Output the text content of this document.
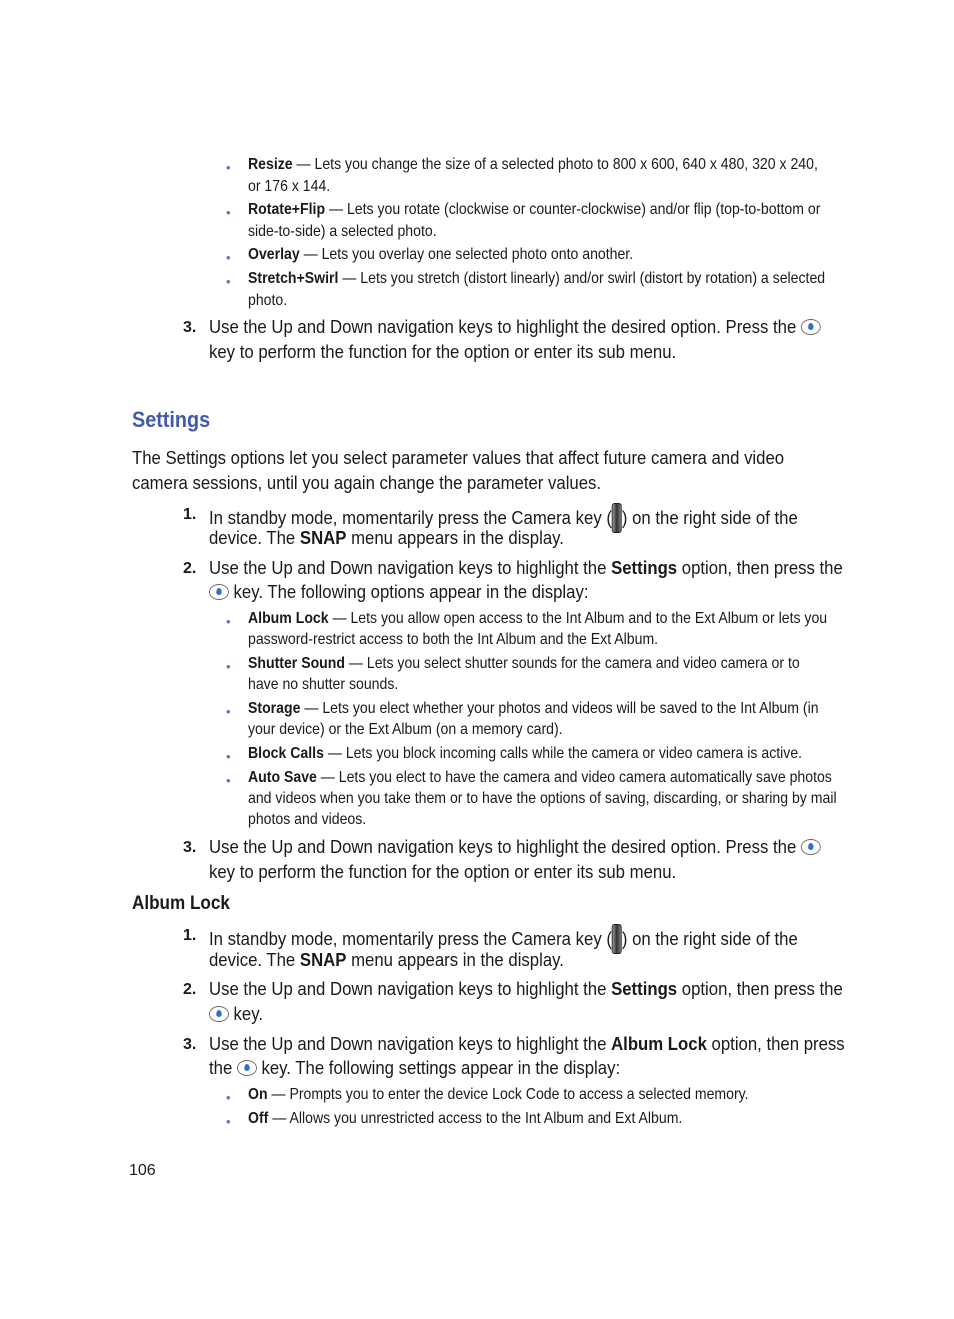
• Resize — Lets you change the size of a selected photo to 800 x 600, 640 x 480, 320 x 240,
or 176 x 144.
• Rotate+Flip — Lets you rotate (clockwise or counter-clockwise) and/or flip (top-to-bottom or
side-to-side) a selected photo.
• Overlay — Lets you overlay one selected photo onto another.
• Stretch+Swirl — Lets you stretch (distort linearly) and/or swirl (distort by rotation) a selected
photo.
3. Use the Up and Down navigation keys to highlight the desired option. Press the
key to perform the function for the option or enter its sub menu.
Settings
The Settings options let you select parameter values that affect future camera and video
camera sessions, until you again change the parameter values.
1. In standby mode, momentarily press the Camera key ( ) on the right side of the
device. The SNAP menu appears in the display.
2. Use the Up and Down navigation keys to highlight the Settings option, then press the
key. The following options appear in the display:
• Album Lock — Lets you allow open access to the Int Album and to the Ext Album or lets you
password-restrict access to both the Int Album and the Ext Album.
• Shutter Sound — Lets you select shutter sounds for the camera and video camera or to
have no shutter sounds.
• Storage — Lets you elect whether your photos and videos will be saved to the Int Album (in
your device) or the Ext Album (on a memory card).
• Block Calls — Lets you block incoming calls while the camera or video camera is active.
• Auto Save — Lets you elect to have the camera and video camera automatically save photos
and videos when you take them or to have the options of saving, discarding, or sharing by mail
photos and videos.
3. Use the Up and Down navigation keys to highlight the desired option. Press the
key to perform the function for the option or enter its sub menu.
Album Lock
1. In standby mode, momentarily press the Camera key ( ) on the right side of the
device. The SNAP menu appears in the display.
2. Use the Up and Down navigation keys to highlight the Settings option, then press the
key.
3. Use the Up and Down navigation keys to highlight the Album Lock option, then press
the  key. The following settings appear in the display:
• On — Prompts you to enter the device Lock Code to access a selected memory.
• Off — Allows you unrestricted access to the Int Album and Ext Album.
106
